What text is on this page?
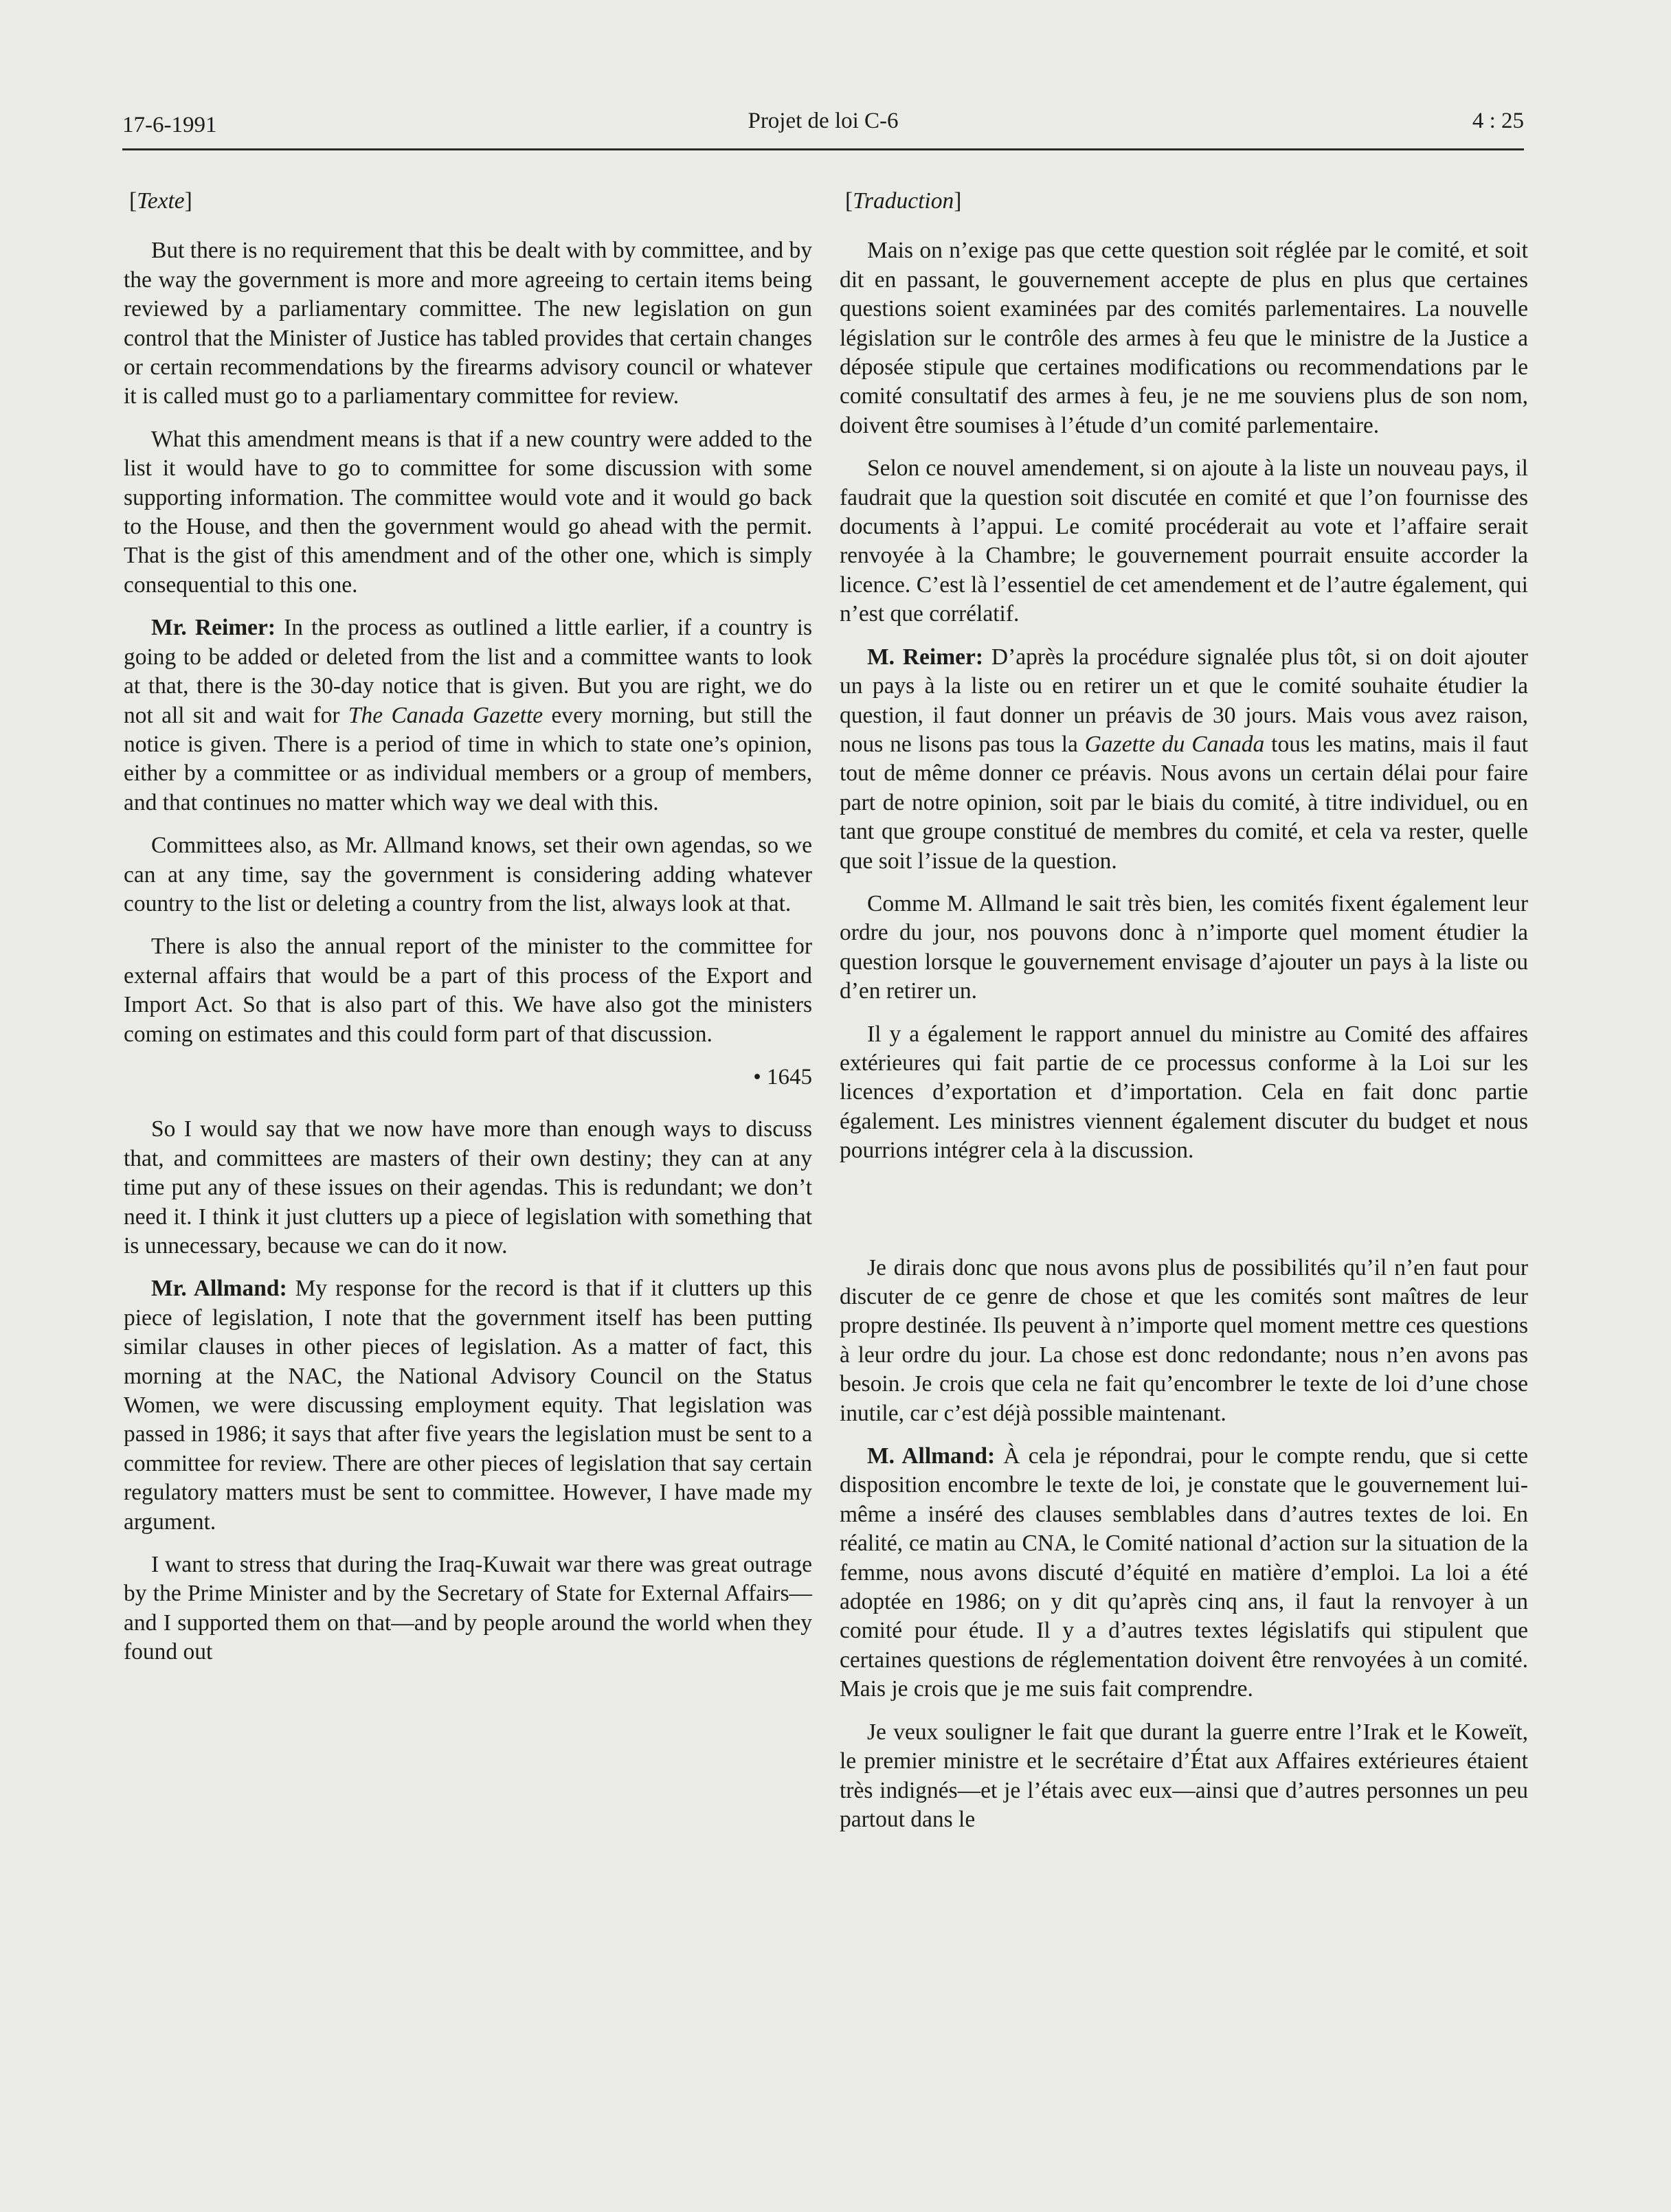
17-6-1991	Projet de loi C-6	4 : 25
[Texte]

But there is no requirement that this be dealt with by committee, and by the way the government is more and more agreeing to certain items being reviewed by a parliamentary committee. The new legislation on gun control that the Minister of Justice has tabled provides that certain changes or certain recommendations by the firearms advisory council or whatever it is called must go to a parliamentary committee for review.

What this amendment means is that if a new country were added to the list it would have to go to committee for some discussion with some supporting information. The committee would vote and it would go back to the House, and then the government would go ahead with the permit. That is the gist of this amendment and of the other one, which is simply consequential to this one.

Mr. Reimer: In the process as outlined a little earlier, if a country is going to be added or deleted from the list and a committee wants to look at that, there is the 30-day notice that is given. But you are right, we do not all sit and wait for The Canada Gazette every morning, but still the notice is given. There is a period of time in which to state one’s opinion, either by a committee or as individual members or a group of members, and that continues no matter which way we deal with this.

Committees also, as Mr. Allmand knows, set their own agendas, so we can at any time, say the government is considering adding whatever country to the list or deleting a country from the list, always look at that.

There is also the annual report of the minister to the committee for external affairs that would be a part of this process of the Export and Import Act. So that is also part of this. We have also got the ministers coming on estimates and this could form part of that discussion.

• 1645

So I would say that we now have more than enough ways to discuss that, and committees are masters of their own destiny; they can at any time put any of these issues on their agendas. This is redundant; we don’t need it. I think it just clutters up a piece of legislation with something that is unnecessary, because we can do it now.

Mr. Allmand: My response for the record is that if it clutters up this piece of legislation, I note that the government itself has been putting similar clauses in other pieces of legislation. As a matter of fact, this morning at the NAC, the National Advisory Council on the Status Women, we were discussing employment equity. That legislation was passed in 1986; it says that after five years the legislation must be sent to a committee for review. There are other pieces of legislation that say certain regulatory matters must be sent to committee. However, I have made my argument.

I want to stress that during the Iraq-Kuwait war there was great outrage by the Prime Minister and by the Secretary of State for External Affairs—and I supported them on that—and by people around the world when they found out

[Traduction]

Mais on n’exige pas que cette question soit réglée par le comité, et soit dit en passant, le gouvernement accepte de plus en plus que certaines questions soient examinées par des comités parlementaires. La nouvelle législation sur le contrôle des armes à feu que le ministre de la Justice a déposée stipule que certaines modifications ou recommendations par le comité consultatif des armes à feu, je ne me souviens plus de son nom, doivent être soumises à l’étude d’un comité parlementaire.

Selon ce nouvel amendement, si on ajoute à la liste un nouveau pays, il faudrait que la question soit discutée en comité et que l’on fournisse des documents à l’appui. Le comité procéderait au vote et l’affaire serait renvoyée à la Chambre; le gouvernement pourrait ensuite accorder la licence. C’est là l’essentiel de cet amendement et de l’autre également, qui n’est que corrélatif.

M. Reimer: D’après la procédure signalée plus tôt, si on doit ajouter un pays à la liste ou en retirer un et que le comité souhaite étudier la question, il faut donner un préavis de 30 jours. Mais vous avez raison, nous ne lisons pas tous la Gazette du Canada tous les matins, mais il faut tout de même donner ce préavis. Nous avons un certain délai pour faire part de notre opinion, soit par le biais du comité, à titre individuel, ou en tant que groupe constitué de membres du comité, et cela va rester, quelle que soit l’issue de la question.

Comme M. Allmand le sait très bien, les comités fixent également leur ordre du jour, nos pouvons donc à n’importe quel moment étudier la question lorsque le gouvernement envisage d’ajouter un pays à la liste ou d’en retirer un.

Il y a également le rapport annuel du ministre au Comité des affaires extérieures qui fait partie de ce processus conforme à la Loi sur les licences d’exportation et d’importation. Cela en fait donc partie également. Les ministres viennent également discuter du budget et nous pourrions intégrer cela à la discussion.

Je dirais donc que nous avons plus de possibilités qu’il n’en faut pour discuter de ce genre de chose et que les comités sont maîtres de leur propre destinée. Ils peuvent à n’importe quel moment mettre ces questions à leur ordre du jour. La chose est donc redondante; nous n’en avons pas besoin. Je crois que cela ne fait qu’encombrer le texte de loi d’une chose inutile, car c’est déjà possible maintenant.

M. Allmand: À cela je répondrai, pour le compte rendu, que si cette disposition encombre le texte de loi, je constate que le gouvernement lui-même a inséré des clauses semblables dans d’autres textes de loi. En réalité, ce matin au CNA, le Comité national d’action sur la situation de la femme, nous avons discuté d’équité en matière d’emploi. La loi a été adoptée en 1986; on y dit qu’après cinq ans, il faut la renvoyer à un comité pour étude. Il y a d’autres textes législatifs qui stipulent que certaines questions de réglementation doivent être renvoyées à un comité. Mais je crois que je me suis fait comprendre.

Je veux souligner le fait que durant la guerre entre l’Irak et le Koweït, le premier ministre et le secrétaire d’État aux Affaires extérieures étaient très indignés—et je l’étais avec eux—ainsi que d’autres personnes un peu partout dans le
